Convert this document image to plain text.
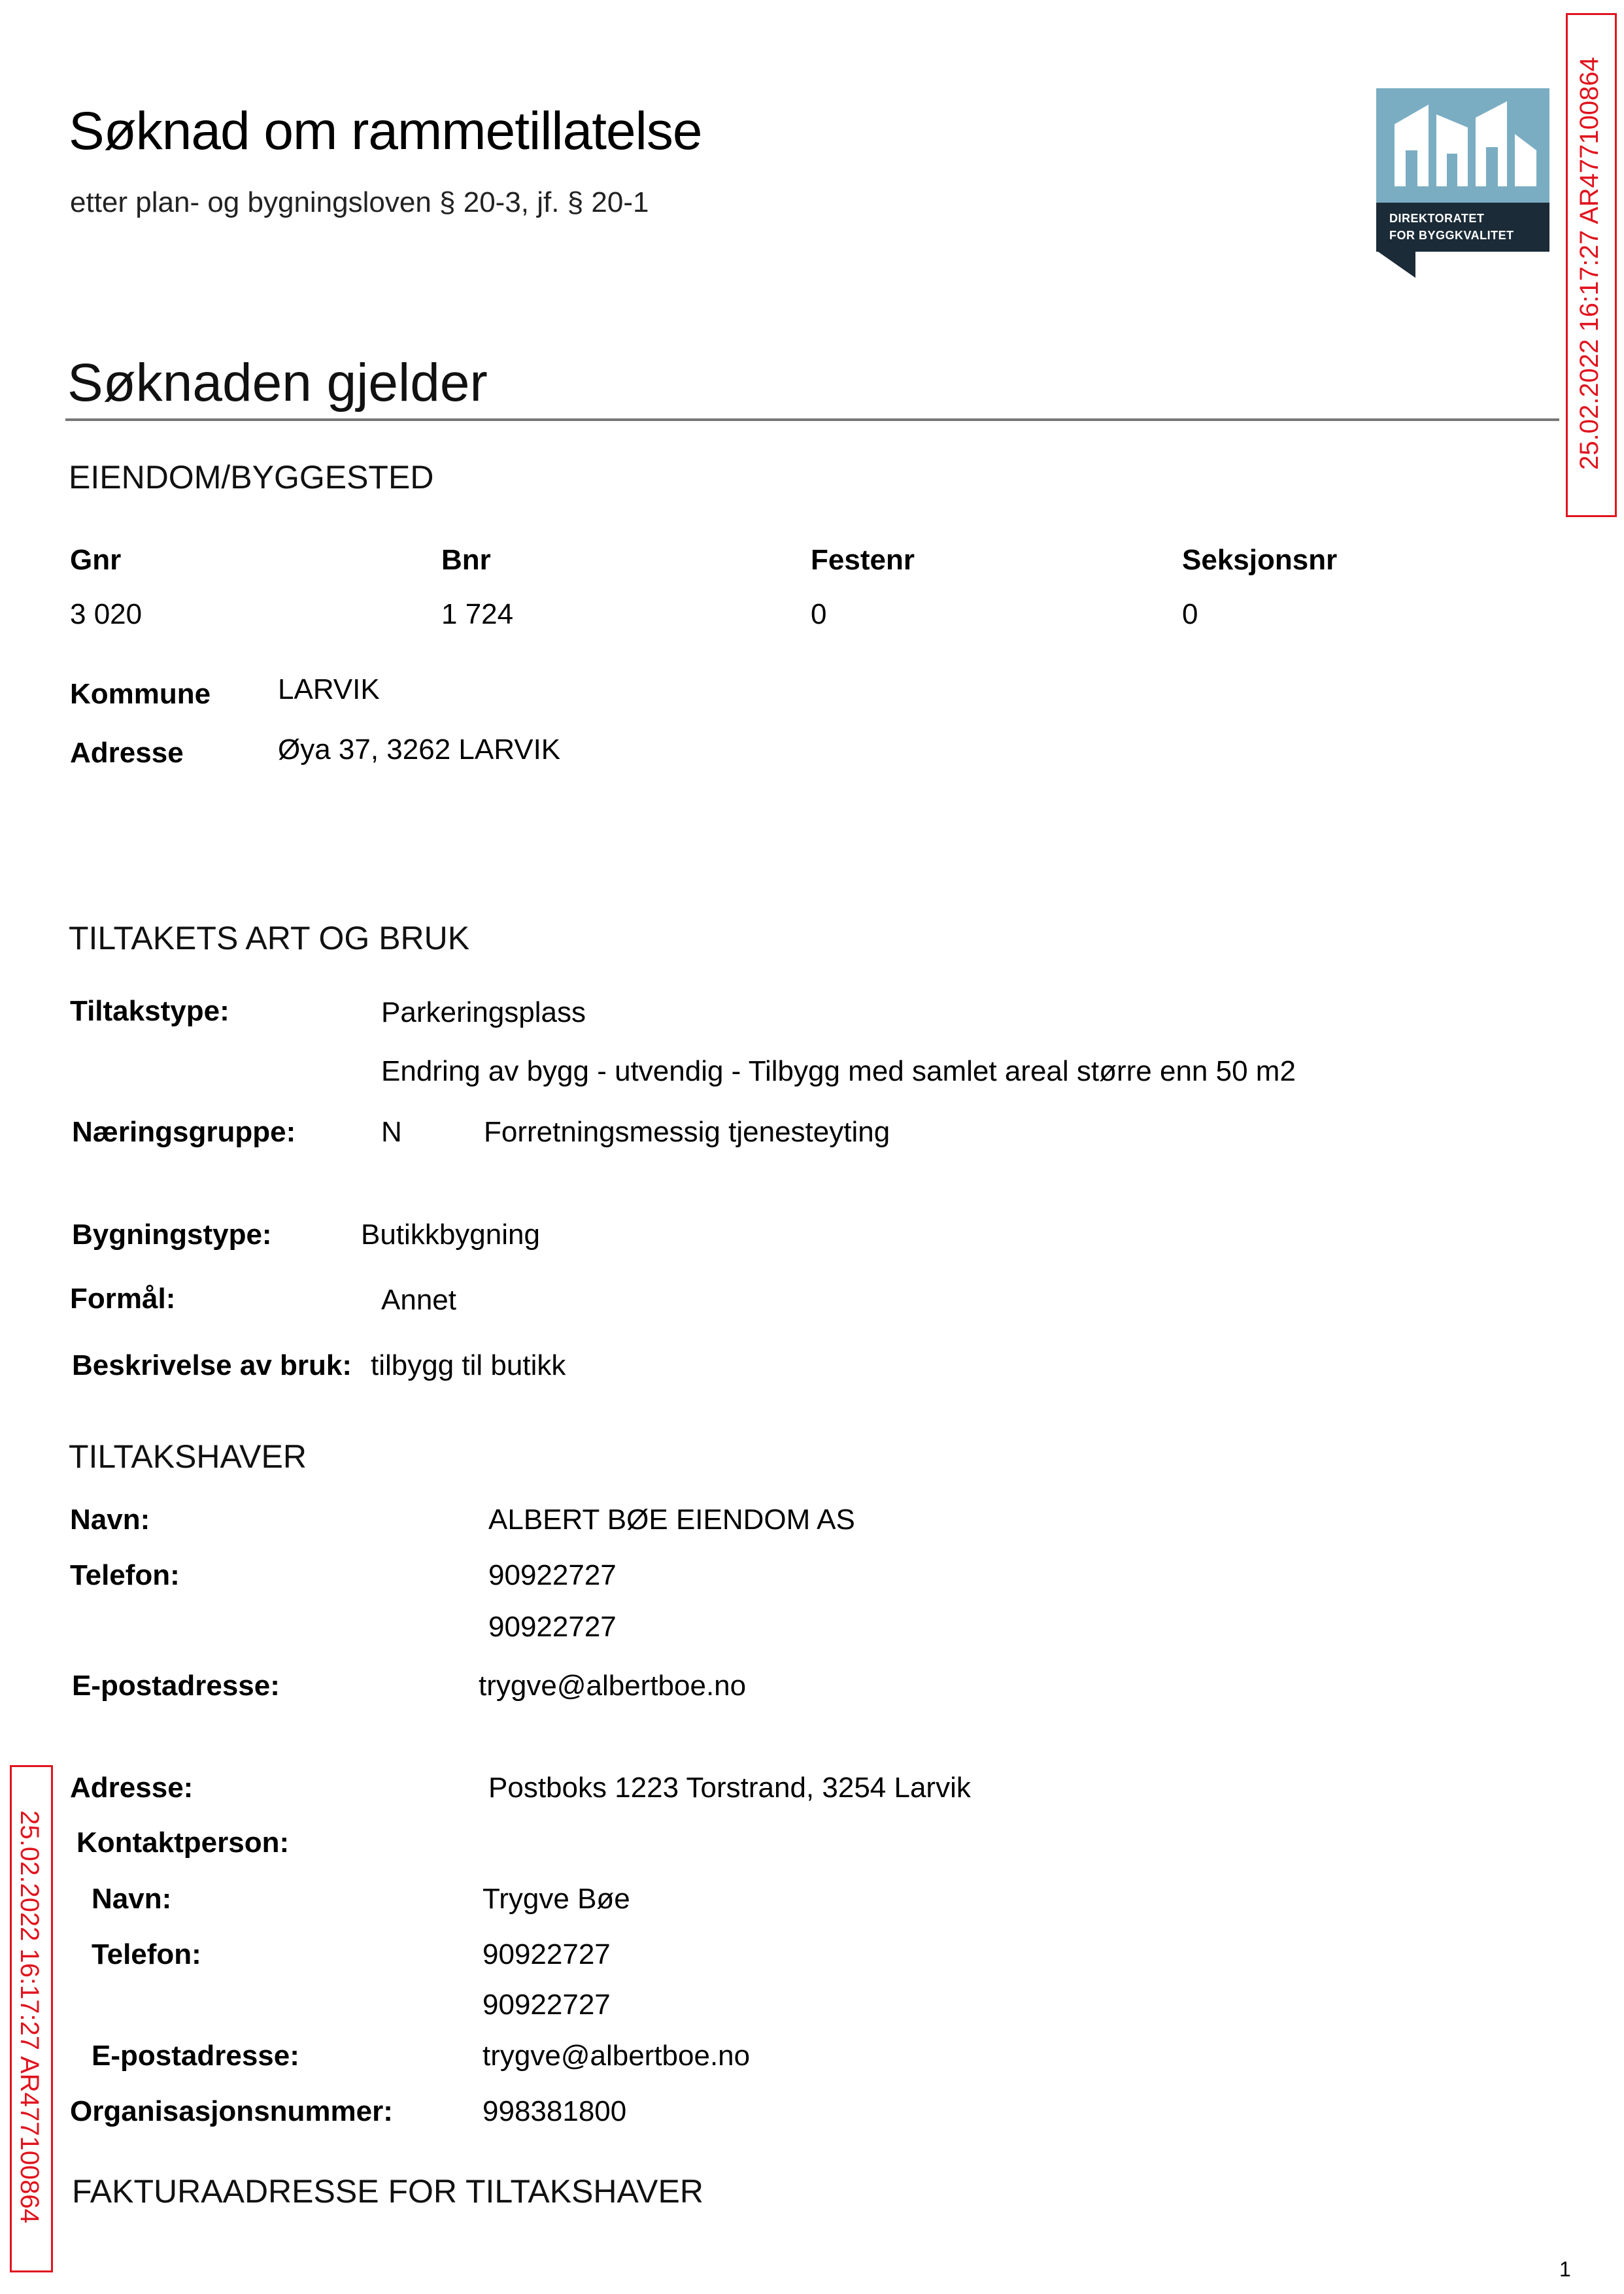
Søknad om rammetillatelse
etter plan- og bygningsloven § 20-3, jf. § 20-1	DIREKTORATET
FOR BYGGKVALITET 25.02.2022 16:17:27 AR477100864
25.02.2022 16:17:27 AR477100864
Søknaden gjelder
EIENDOM/BYGGESTED
Gnr	Bnr	Festenr	Seksjonsnr
3 020	1 724	0	0
Kommune LARVIK
Adresse	Øya 37, 3262 LARVIK
TILTAKETS ART OG BRUK
Tiltakstype:	Parkeringsplass
Endring av bygg - utvendig - Tilbygg med samlet areal større enn 50 m2
Næringsgruppe:	N	Forretningsmessig tjenesteyting
Bygningstype:	Butikkbygning
Formål:	Annet
Beskrivelse av bruk: tilbygg til butikk
TILTAKSHAVER
Navn:	ALBERT BØE EIENDOM AS
Telefon:	90922727
90922727
E-postadresse:	trygve@albertboe.no
Adresse:	Postboks 1223 Torstrand, 3254 Larvik
Kontaktperson:
Navn:	Trygve Bøe
Telefon:	90922727
90922727
E-postadresse:	trygve@albertboe.no
Organisasjonsnummer:	998381800
FAKTURAADRESSE FOR TILTAKSHAVER
1
